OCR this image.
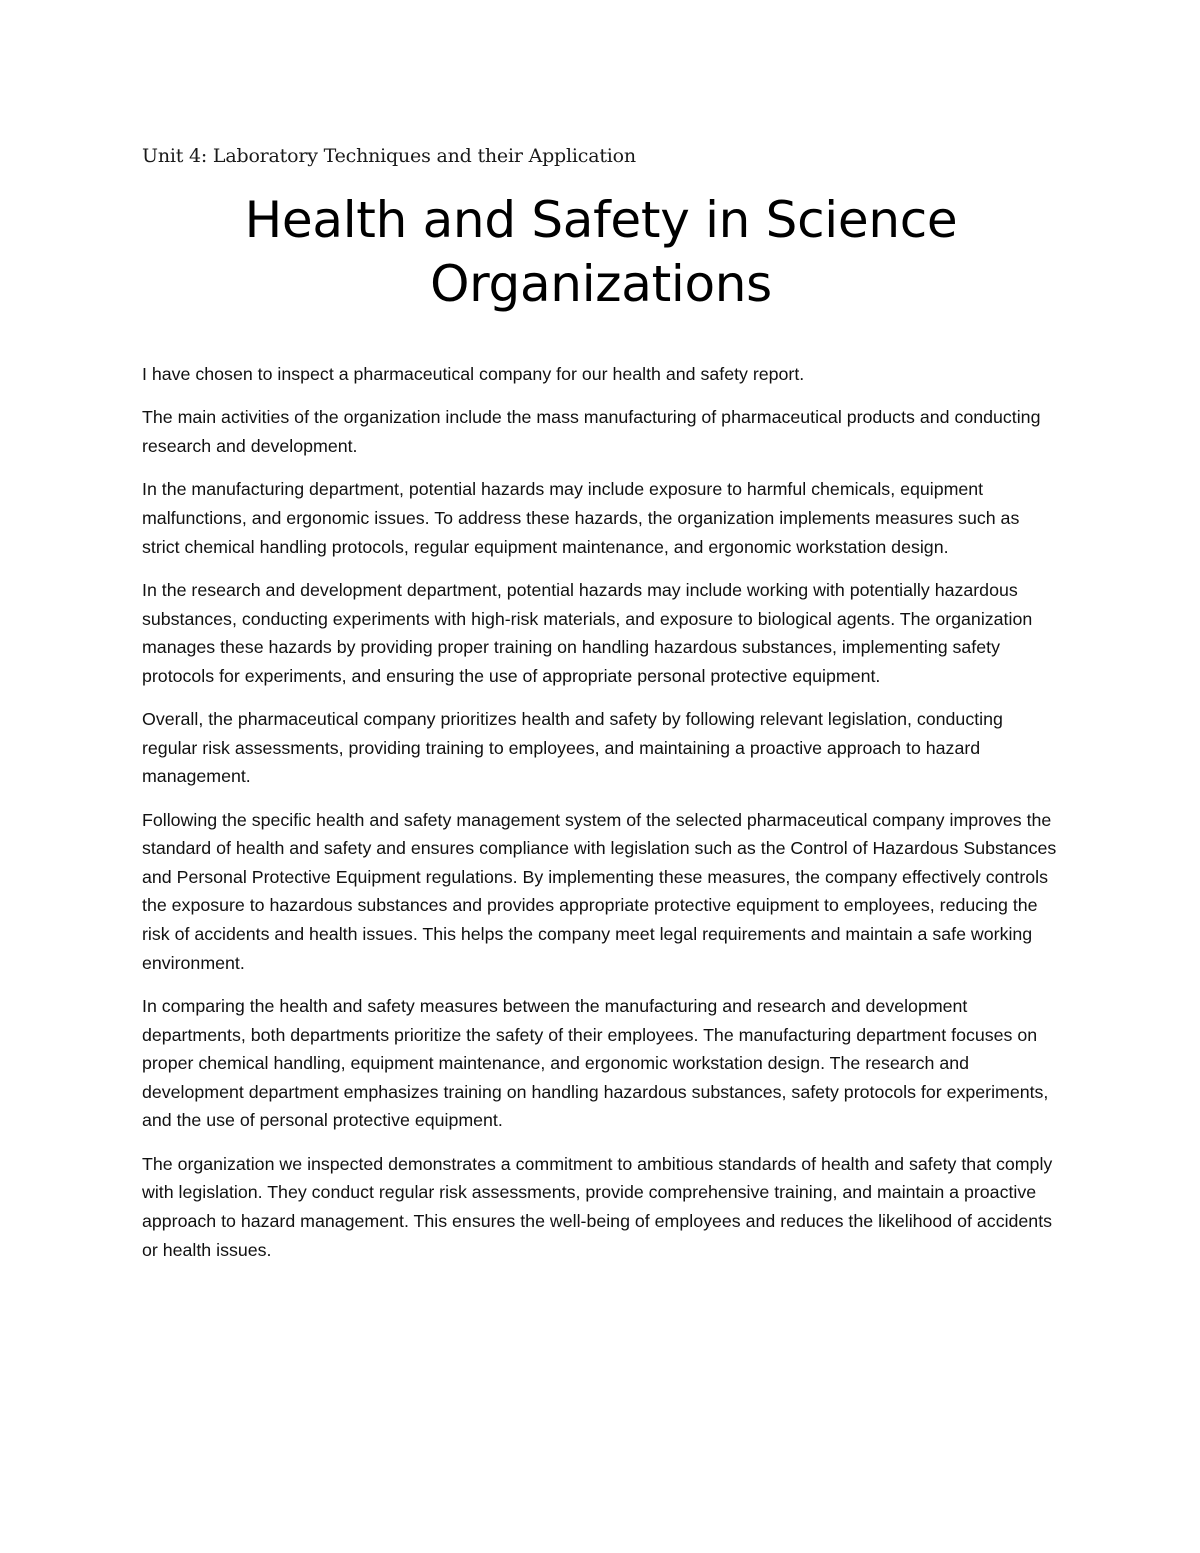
Unit 4: Laboratory Techniques and their Application

Health and Safety in Science
Organizations

I have chosen to inspect a pharmaceutical company for our health and safety report.

The main activities of the organization include the mass manufacturing of pharmaceutical products and conducting research and development.

In the manufacturing department, potential hazards may include exposure to harmful chemicals, equipment malfunctions, and ergonomic issues. To address these hazards, the organization implements measures such as strict chemical handling protocols, regular equipment maintenance, and ergonomic workstation design.

In the research and development department, potential hazards may include working with potentially hazardous substances, conducting experiments with high-risk materials, and exposure to biological agents. The organization manages these hazards by providing proper training on handling hazardous substances, implementing safety protocols for experiments, and ensuring the use of appropriate personal protective equipment.

Overall, the pharmaceutical company prioritizes health and safety by following relevant legislation, conducting regular risk assessments, providing training to employees, and maintaining a proactive approach to hazard management.

Following the specific health and safety management system of the selected pharmaceutical company improves the standard of health and safety and ensures compliance with legislation such as the Control of Hazardous Substances and Personal Protective Equipment regulations. By implementing these measures, the company effectively controls the exposure to hazardous substances and provides appropriate protective equipment to employees, reducing the risk of accidents and health issues. This helps the company meet legal requirements and maintain a safe working environment.

In comparing the health and safety measures between the manufacturing and research and development departments, both departments prioritize the safety of their employees. The manufacturing department focuses on proper chemical handling, equipment maintenance, and ergonomic workstation design. The research and development department emphasizes training on handling hazardous substances, safety protocols for experiments, and the use of personal protective equipment.

The organization we inspected demonstrates a commitment to ambitious standards of health and safety that comply with legislation. They conduct regular risk assessments, provide comprehensive training, and maintain a proactive approach to hazard management. This ensures the well-being of employees and reduces the likelihood of accidents or health issues.
